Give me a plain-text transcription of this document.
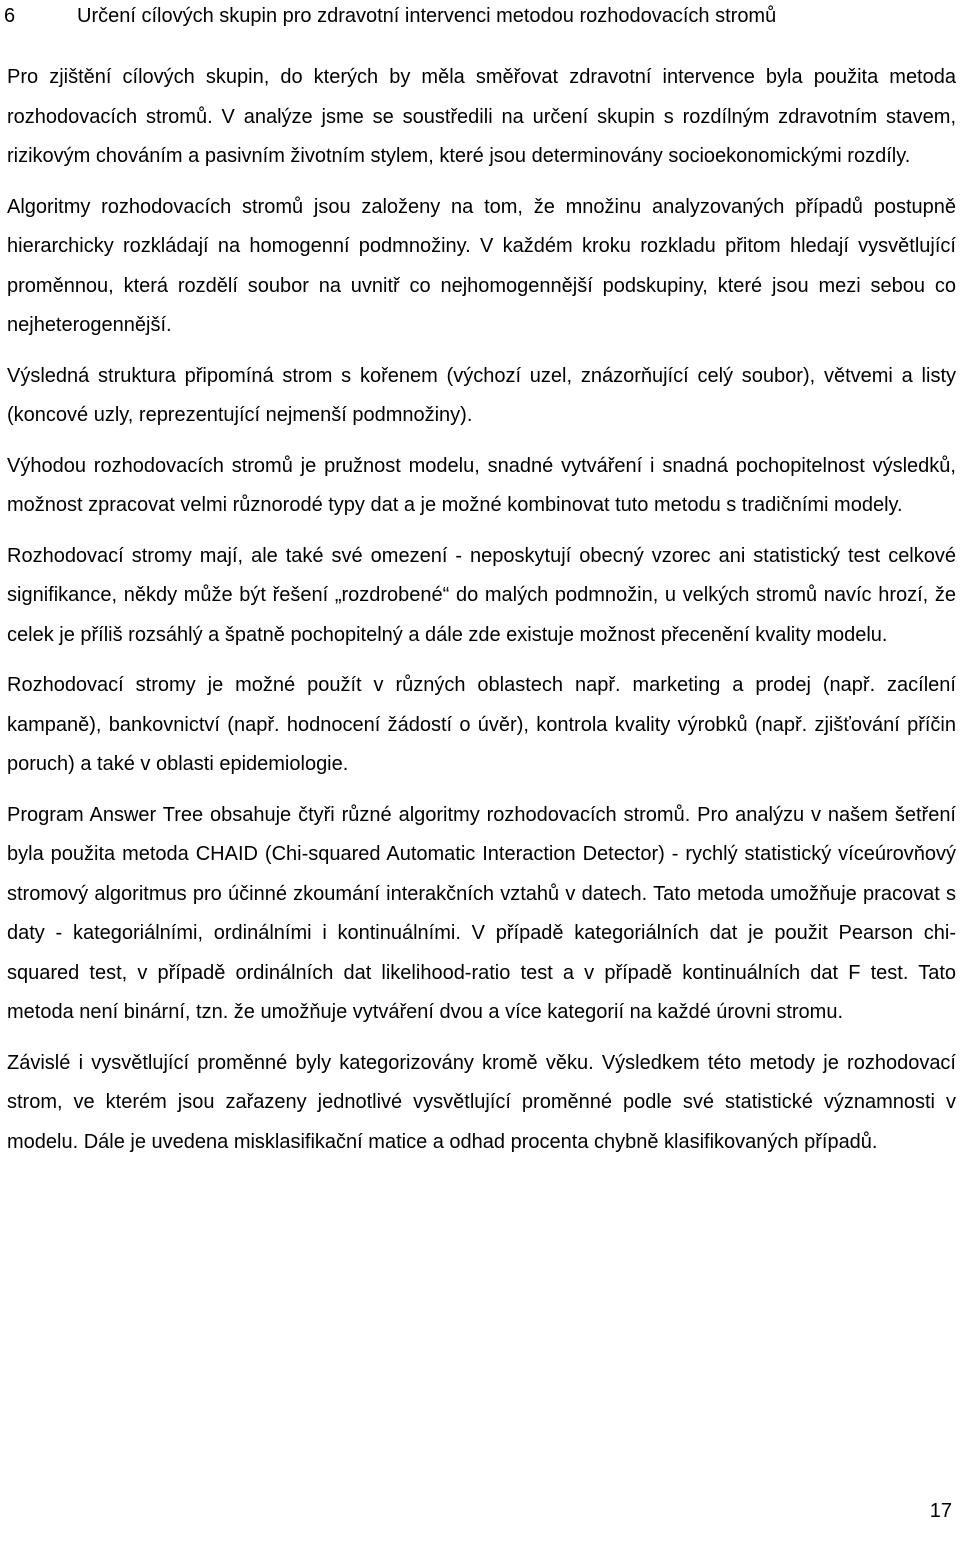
6	Určení cílových skupin pro zdravotní intervenci metodou rozhodovacích stromů

Pro zjištění cílových skupin, do kterých by měla směřovat zdravotní intervence byla použita metoda rozhodovacích stromů. V analýze jsme se soustředili na určení skupin s rozdílným zdravotním stavem, rizikovým chováním a pasivním životním stylem, které jsou determinovány socioekonomickými rozdíly.

Algoritmy rozhodovacích stromů jsou založeny na tom, že množinu analyzovaných případů postupně hierarchicky rozkládají na homogenní podmnožiny. V každém kroku rozkladu přitom hledají vysvětlující proměnnou, která rozdělí soubor na uvnitř co nejhomogennější podskupiny, které jsou mezi sebou co nejheterogennější.

Výsledná struktura připomíná strom s kořenem (výchozí uzel, znázorňující celý soubor), větvemi a listy (koncové uzly, reprezentující nejmenší podmnožiny).

Výhodou rozhodovacích stromů je pružnost modelu, snadné vytváření i snadná pochopitelnost výsledků, možnost zpracovat velmi různorodé typy dat a je možné kombinovat tuto metodu s tradičními modely.

Rozhodovací stromy mají, ale také své omezení - neposkytují obecný vzorec ani statistický test celkové signifikance, někdy může být řešení „rozdrobené“ do malých podmnožin, u velkých stromů navíc hrozí, že celek je příliš rozsáhlý a špatně pochopitelný a dále zde existuje možnost přecenění kvality modelu.

Rozhodovací stromy je možné použít v různých oblastech např. marketing a prodej (např. zacílení kampaně), bankovnictví (např. hodnocení žádostí o úvěr), kontrola kvality výrobků (např. zjišťování příčin poruch) a také v oblasti epidemiologie.

Program Answer Tree obsahuje čtyři různé algoritmy rozhodovacích stromů. Pro analýzu v našem šetření byla použita metoda CHAID (Chi-squared Automatic Interaction Detector) - rychlý statistický víceúrovňový stromový algoritmus pro účinné zkoumání interakčních vztahů v datech. Tato metoda umožňuje pracovat s daty - kategoriálními, ordinálními i kontinuálními. V případě kategoriálních dat je použit Pearson chi-squared test, v případě ordinálních dat likelihood-ratio test a v případě kontinuálních dat F test. Tato metoda není binární, tzn. že umožňuje vytváření dvou a více kategorií na každé úrovni stromu.

Závislé i vysvětlující proměnné byly kategorizovány kromě věku. Výsledkem této metody je rozhodovací strom, ve kterém jsou zařazeny jednotlivé vysvětlující proměnné podle své statistické významnosti v modelu. Dále je uvedena misklasifikační matice a odhad procenta chybně klasifikovaných případů.

17
